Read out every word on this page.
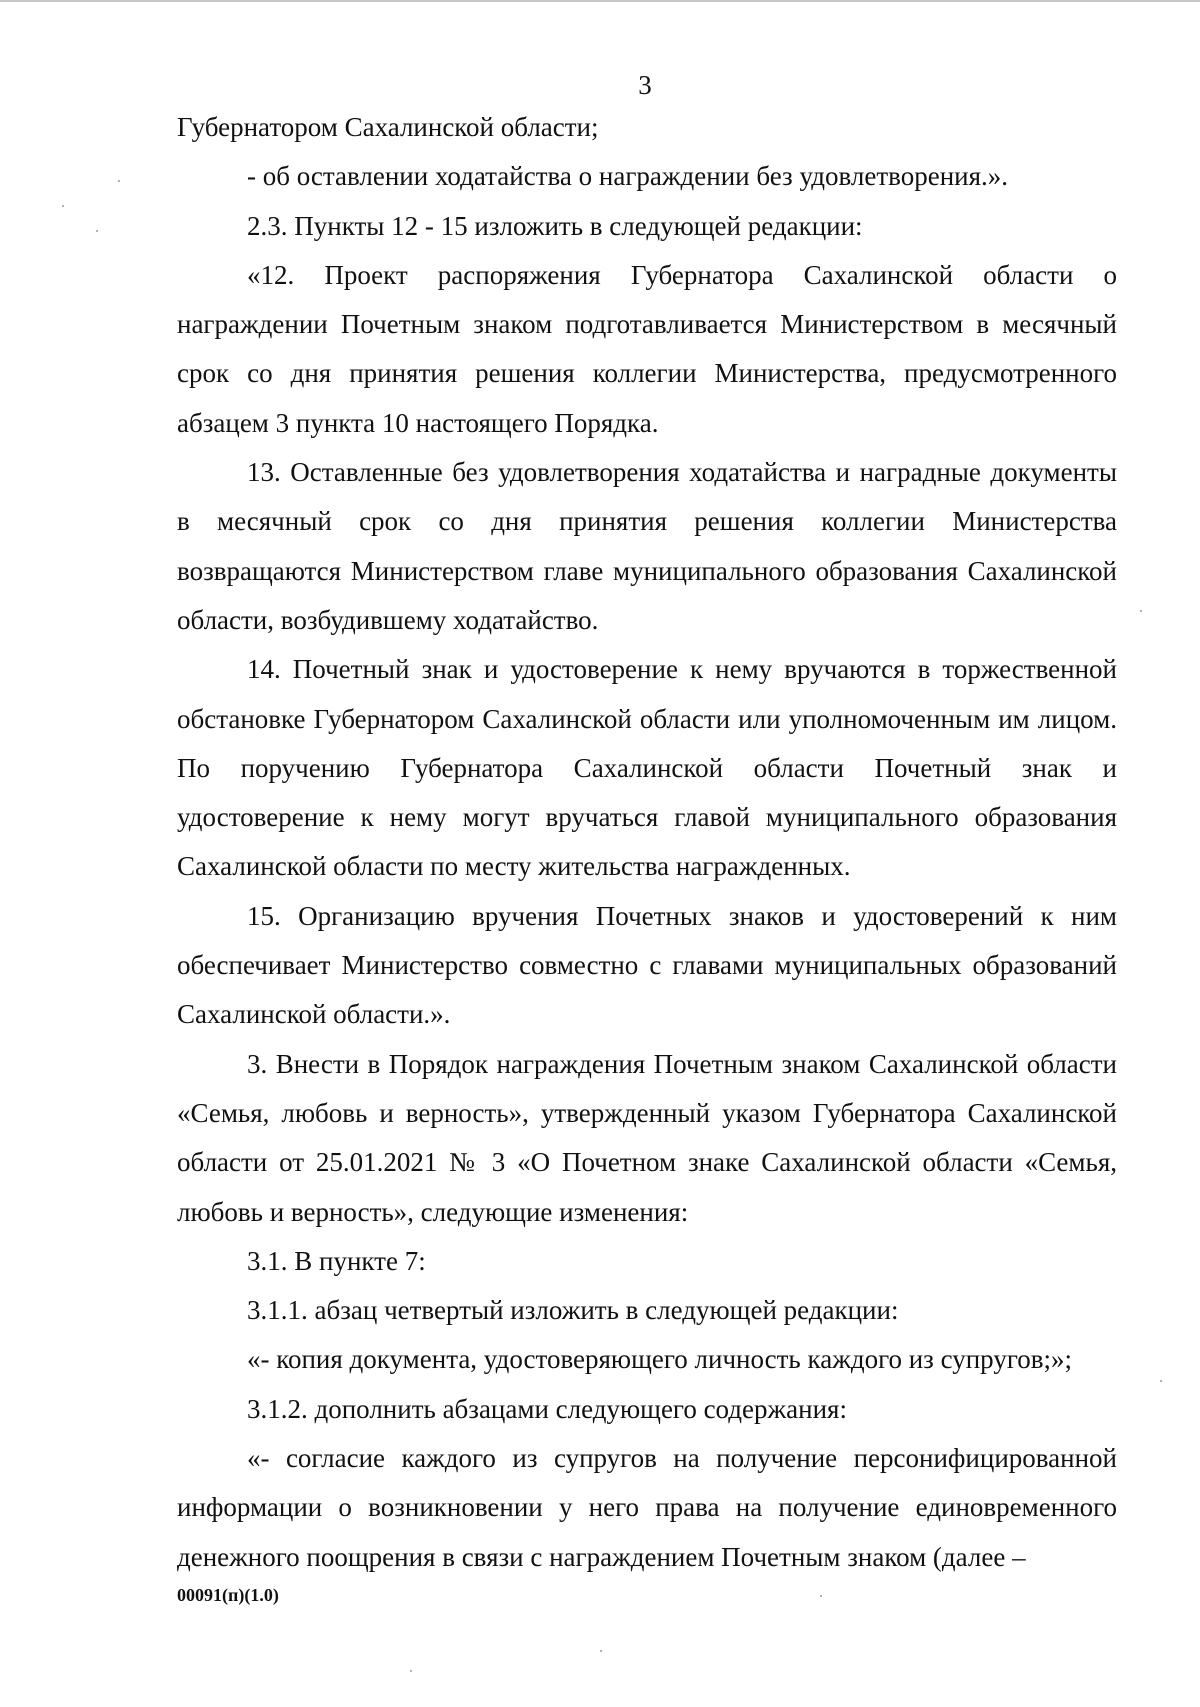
3

Губернатором Сахалинской области;

- об оставлении ходатайства о награждении без удовлетворения.».

2.3. Пункты 12 - 15 изложить в следующей редакции:

«12. Проект распоряжения Губернатора Сахалинской области о награждении Почетным знаком подготавливается Министерством в месячный срок со дня принятия решения коллегии Министерства, предусмотренного абзацем 3 пункта 10 настоящего Порядка.

13. Оставленные без удовлетворения ходатайства и наградные документы в месячный срок со дня принятия решения коллегии Министерства возвращаются Министерством главе муниципального образования Сахалинской области, возбудившему ходатайство.

14. Почетный знак и удостоверение к нему вручаются в торжественной обстановке Губернатором Сахалинской области или уполномоченным им лицом. По поручению Губернатора Сахалинской области Почетный знак и удостоверение к нему могут вручаться главой муниципального образования Сахалинской области по месту жительства награжденных.

15. Организацию вручения Почетных знаков и удостоверений к ним обеспечивает Министерство совместно с главами муниципальных образований Сахалинской области.».

3. Внести в Порядок награждения Почетным знаком Сахалинской области «Семья, любовь и верность», утвержденный указом Губернатора Сахалинской области от 25.01.2021 № 3 «О Почетном знаке Сахалинской области «Семья, любовь и верность», следующие изменения:

3.1. В пункте 7:

3.1.1. абзац четвертый изложить в следующей редакции:

«- копия документа, удостоверяющего личность каждого из супругов;»;

3.1.2. дополнить абзацами следующего содержания:

«- согласие каждого из супругов на получение персонифицированной информации о возникновении у него права на получение единовременного денежного поощрения в связи с награждением Почетным знаком (далее –

00091(п)(1.0)
